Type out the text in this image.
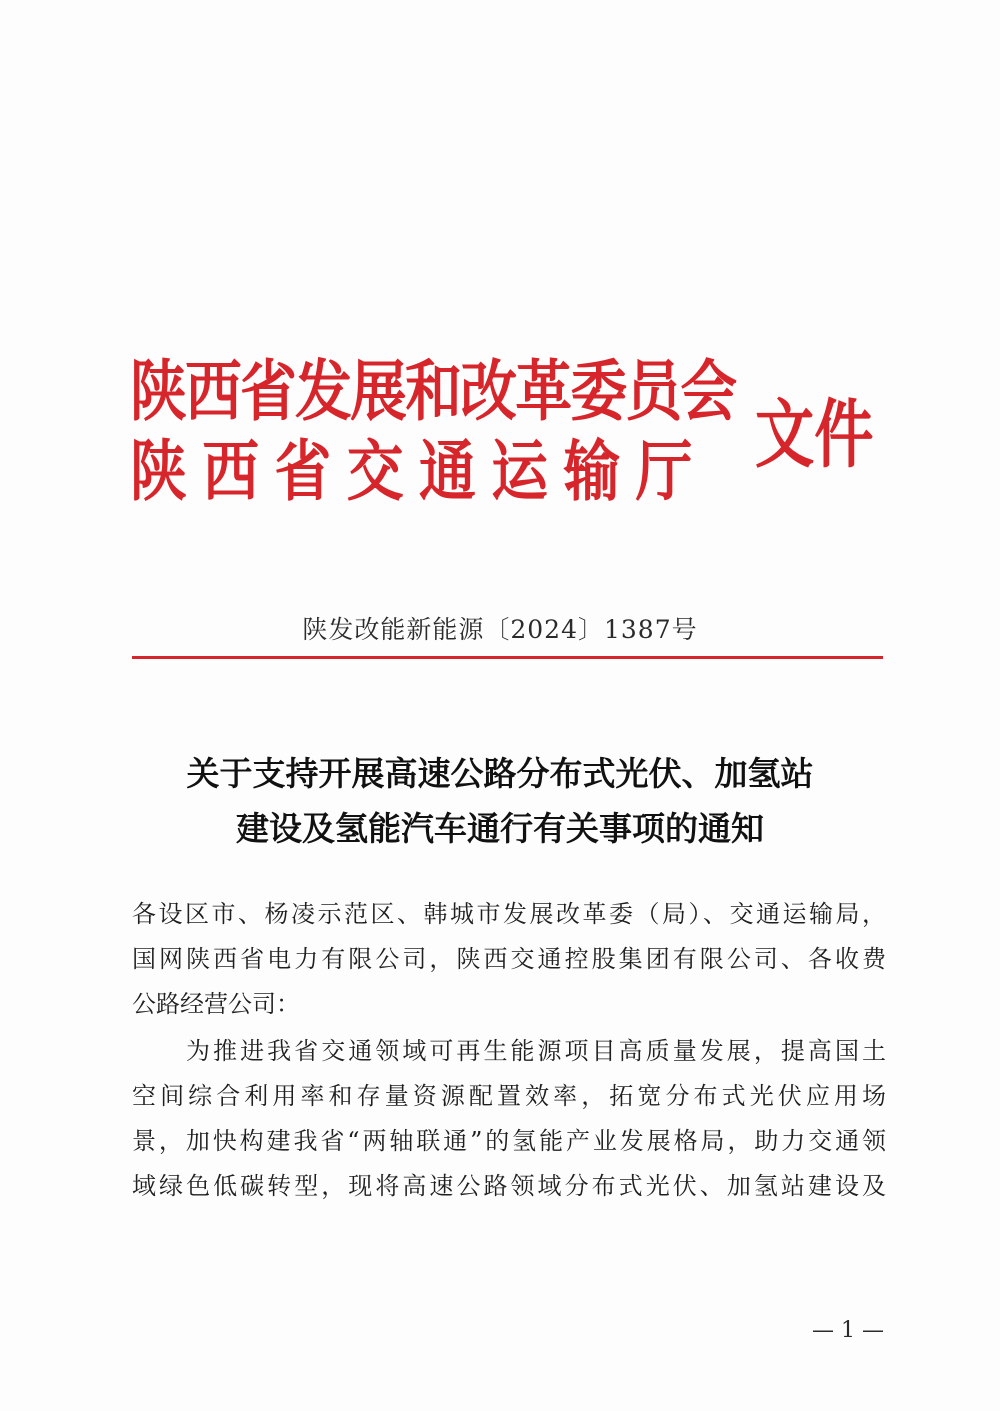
陕西省发展和改革委员会
陕西省交通运输厅 文件
陕发改能新能源〔2024〕1387号
关于支持开展高速公路分布式光伏、加氢站
建设及氢能汽车通行有关事项的通知
各设区市、杨凌示范区、韩城市发展改革委（局）、交通运输局，
国网陕西省电力有限公司，陕西交通控股集团有限公司、各收费
公路经营公司：
为推进我省交通领域可再生能源项目高质量发展，提高国土
空间综合利用率和存量资源配置效率，拓宽分布式光伏应用场
景，加快构建我省“两轴联通”的氢能产业发展格局，助力交通领
域绿色低碳转型，现将高速公路领域分布式光伏、加氢站建设及
— 1 —
